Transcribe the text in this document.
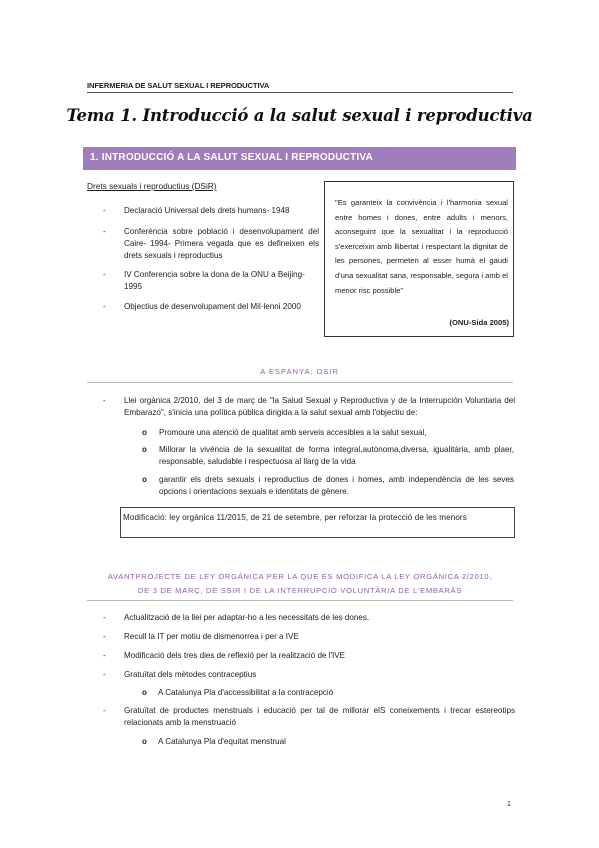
INFERMERIA DE SALUT SEXUAL I REPRODUCTIVA
Tema 1. Introducció a la salut sexual i reproductiva
1. INTRODUCCIÓ A LA SALUT SEXUAL I REPRODUCTIVA
Drets sexuals i reproductius (DSiR)
- Declaració Universal dels drets humans- 1948
- Conferència sobre població i desenvolupament del Caire- 1994- Primera vegada que es defineixen els drets sexuals i reproductius
- IV Conferencia sobre la dona de la ONU a Beijing- 1995
- Objectius de desenvolupament del Mil·lenni 2000
"Es garanteix la convivència i l'harmonia sexual entre homes i dones, entre adults i menors, aconseguint que la sexualitat i la reproducció s'exerceixin amb llibertat i respectant la dignitat de les persones, permeten al esser humà el gaudi d'una sexualitat sana, responsable, segura i amb el menor risc possible"
(ONU-Sida 2005)
A ESPANYA: DSIR
- Llei orgànica 2/2010, del 3 de març de "la Salud Sexual y Reproductiva y de la Interrupción Voluntaria del Embarazo", s'inicia una política pública dirigida a la salut sexual amb l'objectiu de:
o Promoure una atenció de qualitat amb serveis accesibles a la salut sexual,
o Millorar la vivència de la sexualitat de forma integral,autònoma,diversa, igualitària, amb plaer, responsable, saludable i respectuosa al llarg de la vida
o garantir els drets sexuals i reproductius de dones i homes, amb independència de les seves opcions i orientacions sexuals e identitats de gènere.
Modificació: ley orgánica 11/2015, de 21 de setembre, per reforzar la protecció de les menors
AVANTPROJECTE DE LEY ORGÁNICA PER LA QUE ES MODIFICA LA LEY ORGÁNICA 2/2010,
DE 3 DE MARÇ, DE SSIR I DE LA INTERRUPCIÓ VOLUNTÀRIA DE L'EMBARÀS
- Actualització de la llei per adaptar-ho a les necessitats de les dones.
- Recull la IT per motiu de dismenorrea i per a IVE
- Modificació dels tres dies de reflexió per la realització de l'IVE
- Gratuïtat dels mètodes contraceptius
o A Catalunya Pla d'accessibilitat a la contracepció
- Gratuïtat de productes menstruals i educació per tal de millorar elS coneixements i trecar estereotips relacionats amb la menstruació
o A Catalunya Pla d'equitat menstrual
1
